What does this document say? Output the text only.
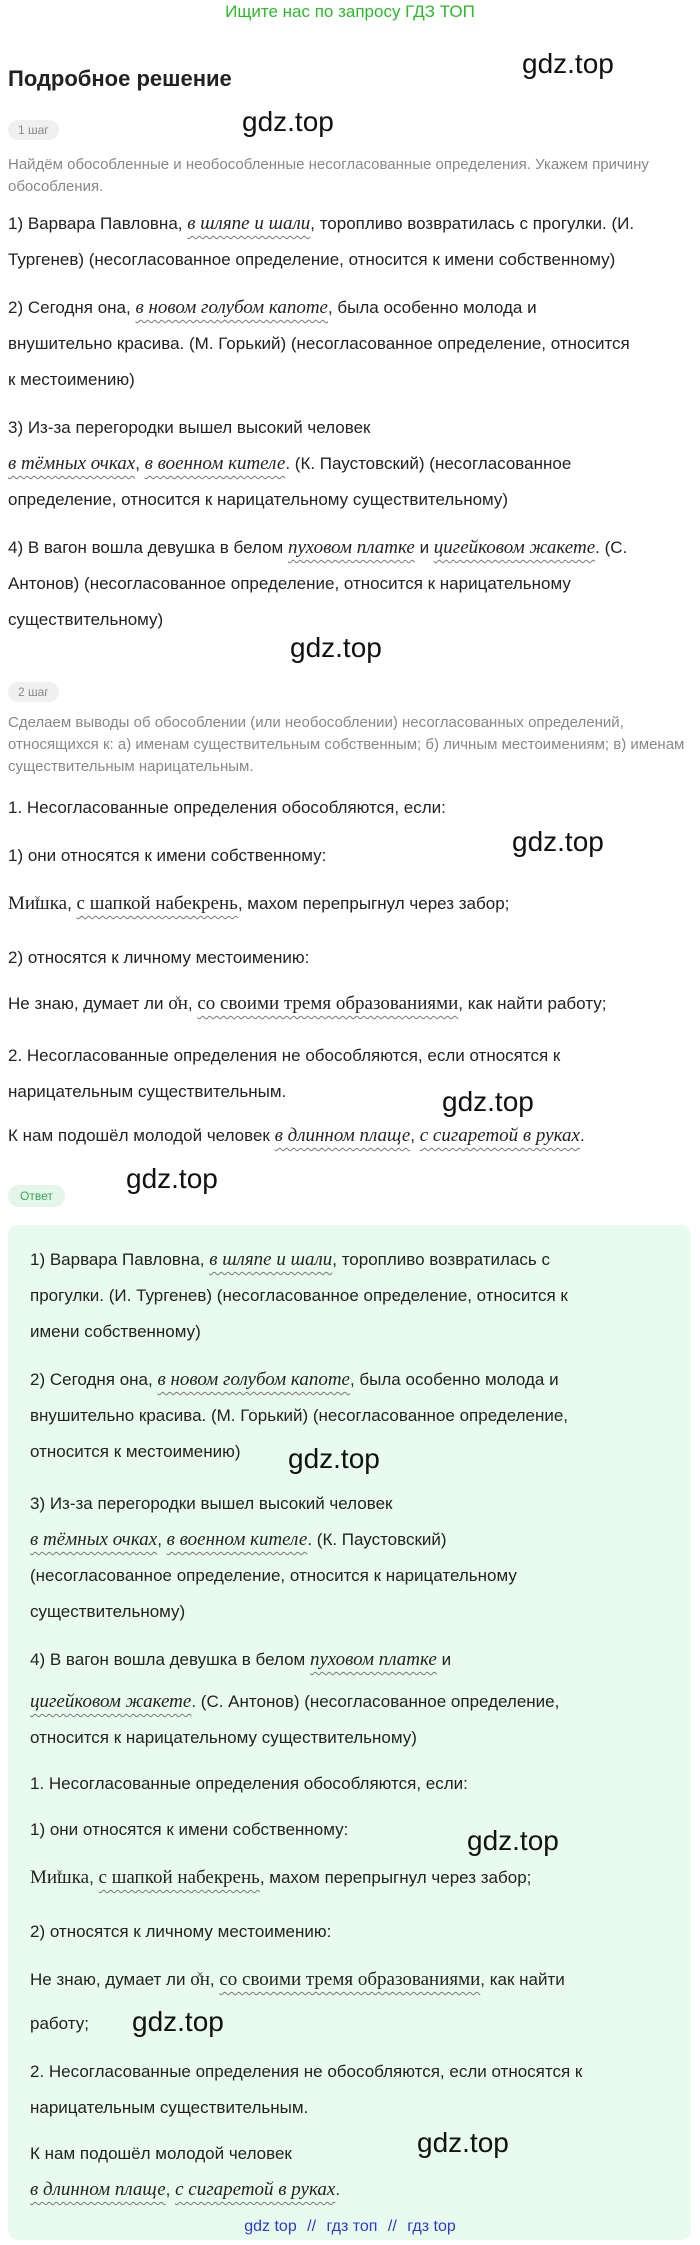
Ищите нас по запросу ГДЗ ТОП
Подробное решение	gdz.top
gdz.top
gdz.top
gdz.top
gdz.top
gdz.top
1 шаг
Найдём обособленные и необособленные несогласованные определения. Укажем причину обособления.
1) Варвара Павловна, в шляпе и шали, торопливо возвратилась с прогулки. (И.
Тургенев) (несогласованное определение, относится к имени собственному)
2) Сегодня она, в новом голубом капоте, была особенно молода и
внушительно красива. (М. Горький) (несогласованное определение, относится
к местоимению)
3) Из-за перегородки вышел высокий человек
в тёмных очках, в военном кителе. (К. Паустовский) (несогласованное
определение, относится к нарицательному существительному)
4) В вагон вошла девушка в белом пуховом платке и цигейковом жакете. (С.
Антонов) (несогласованное определение, относится к нарицательному
существительному)
2 шаг
Сделаем выводы об обособлении (или необособлении) несогласованных определений, относящихся к: а) именам существительным собственным; б) личным местоимениям; в) именам существительным нарицательным.
1. Несогласованные определения обособляются, если:
1) они относятся к имени собственному:
× Мишка, с шапкой набекрень, махом перепрыгнул через забор;
2) относятся к личному местоимению:
Не знаю, думает ли × он, со своими тремя образованиями, как найти работу;
2. Несогласованные определения не обособляются, если относятся к
нарицательным существительным.
К нам подошёл молодой человек в длинном плаще, с сигаретой в руках.
Ответ
gdz.top
gdz.top
gdz.top
gdz.top
1) Варвара Павловна, в шляпе и шали, торопливо возвратилась с
прогулки. (И. Тургенев) (несогласованное определение, относится к
имени собственному)
2) Сегодня она, в новом голубом капоте, была особенно молода и
внушительно красива. (М. Горький) (несогласованное определение,
относится к местоимению)
3) Из-за перегородки вышел высокий человек
в тёмных очках, в военном кителе. (К. Паустовский)
(несогласованное определение, относится к нарицательному
существительному)
4) В вагон вошла девушка в белом пуховом платке и
цигейковом жакете. (С. Антонов) (несогласованное определение,
относится к нарицательному существительному)
1. Несогласованные определения обособляются, если:
1) они относятся к имени собственному:
× Мишка, с шапкой набекрень, махом перепрыгнул через забор;
2) относятся к личному местоимению:
Не знаю, думает ли × он, со своими тремя образованиями, как найти
работу;
2. Несогласованные определения не обособляются, если относятся к
нарицательным существительным.
К нам подошёл молодой человек
в длинном плаще, с сигаретой в руках.
gdz top // гдз топ // гдз top
